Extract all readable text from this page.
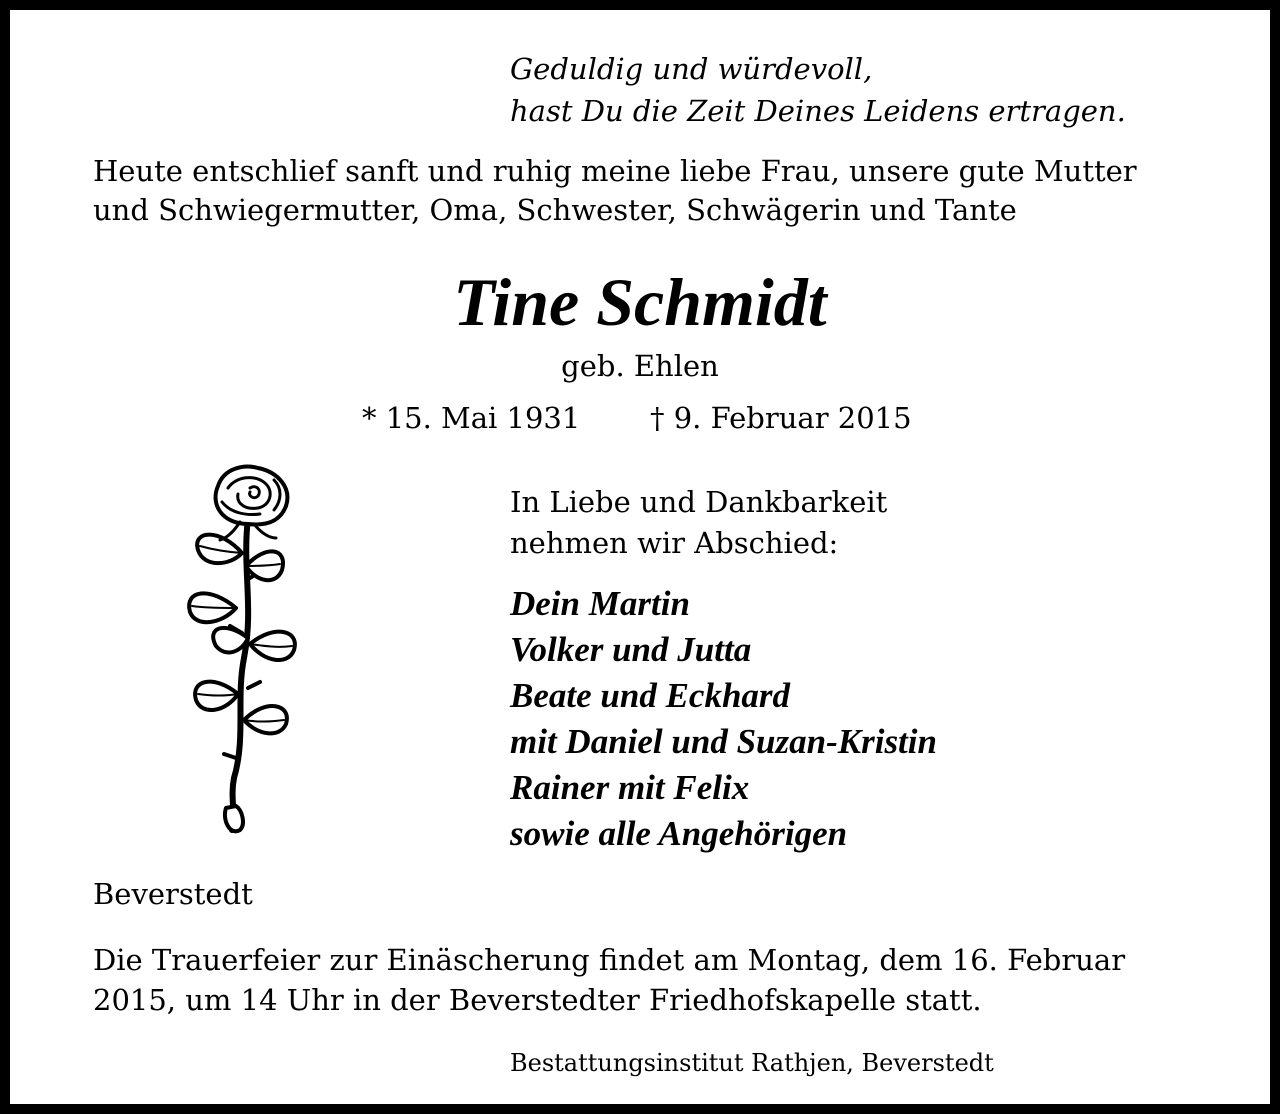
Geduldig und würdevoll,
hast Du die Zeit Deines Leidens ertragen.
Heute entschlief sanft und ruhig meine liebe Frau, unsere gute Mutter
und Schwiegermutter, Oma, Schwester, Schwägerin und Tante
Tine Schmidt
geb. Ehlen
* 15. Mai 1931 † 9. Februar 2015
In Liebe und Dankbarkeit
nehmen wir Abschied:
Dein Martin
Volker und Jutta
Beate und Eckhard
mit Daniel und Suzan-Kristin
Rainer mit Felix
sowie alle Angehörigen
Beverstedt
Die Trauerfeier zur Einäscherung findet am Montag, dem 16. Februar
2015, um 14 Uhr in der Beverstedter Friedhofskapelle statt.
Bestattungsinstitut Rathjen, Beverstedt
